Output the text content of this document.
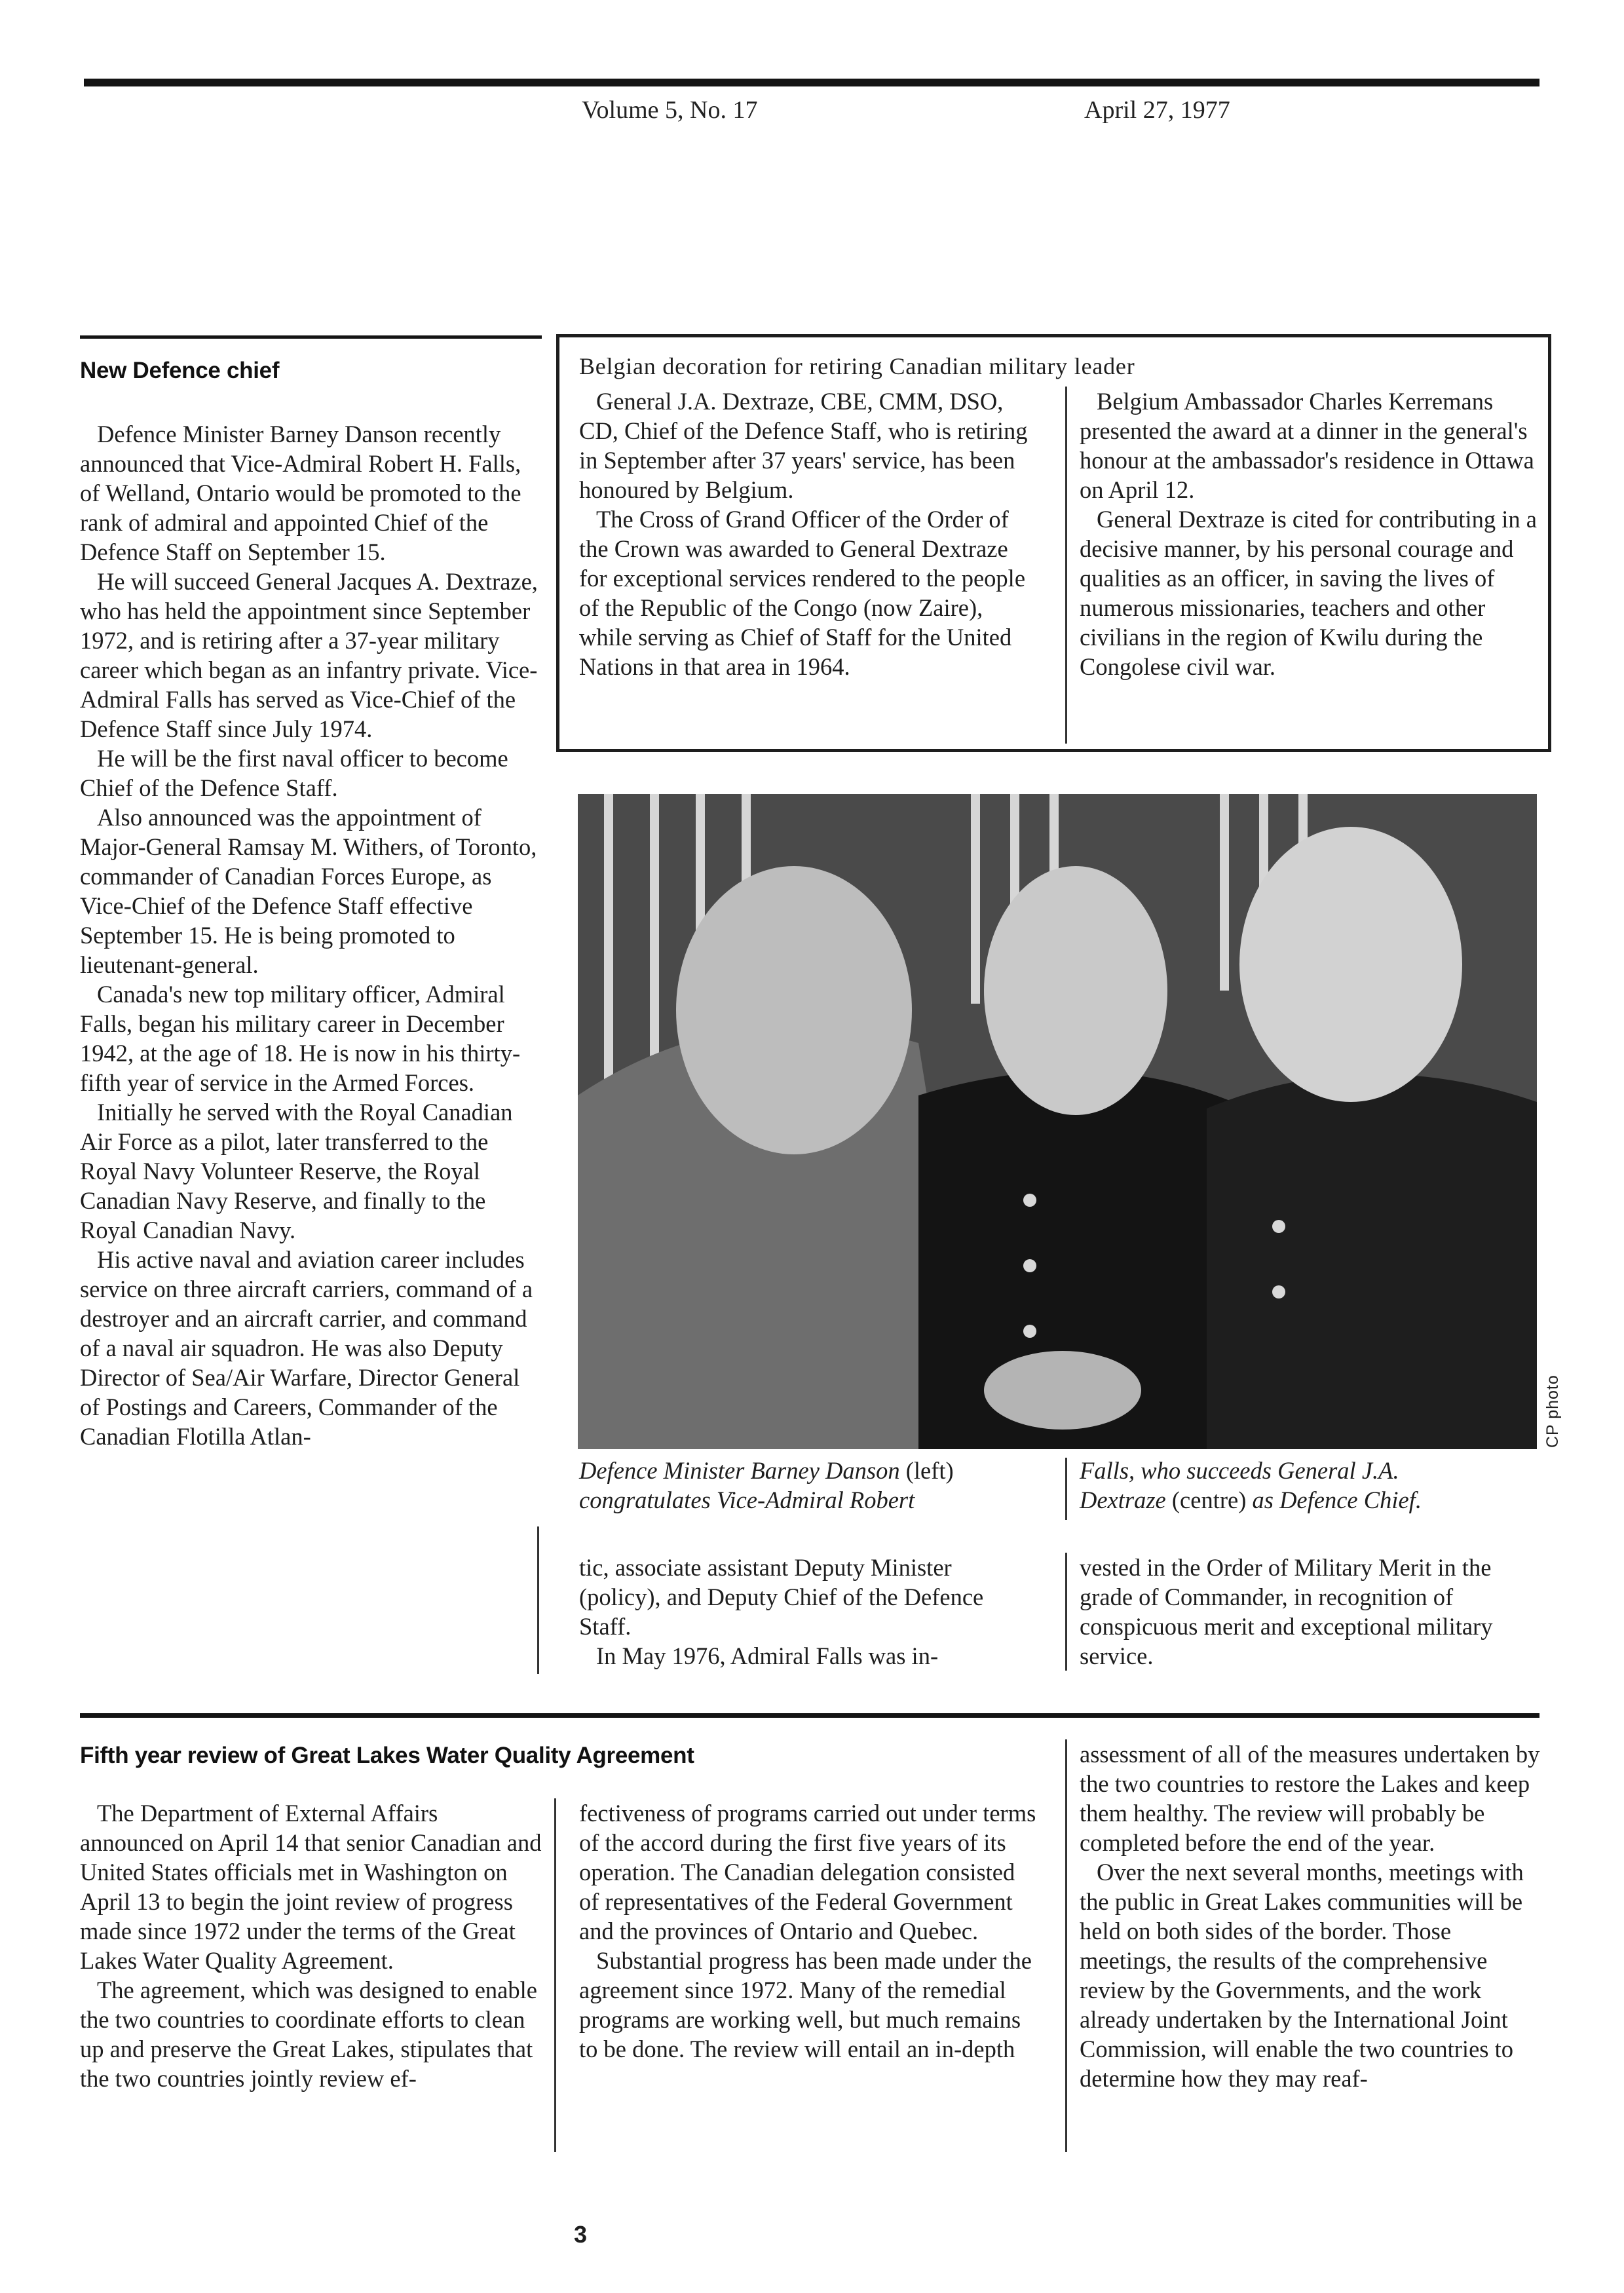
Volume 5, No. 17	April 27, 1977
New Defence chief

Defence Minister Barney Danson recently announced that Vice-Admiral Robert H. Falls, of Welland, Ontario would be promoted to the rank of admiral and appointed Chief of the Defence Staff on September 15.

He will succeed General Jacques A. Dextraze, who has held the appointment since September 1972, and is retiring after a 37-year military career which began as an infantry private. Vice-Admiral Falls has served as Vice-Chief of the Defence Staff since July 1974.

He will be the first naval officer to become Chief of the Defence Staff.

Also announced was the appointment of Major-General Ramsay M. Withers, of Toronto, commander of Canadian Forces Europe, as Vice-Chief of the Defence Staff effective September 15. He is being promoted to lieutenant-general.

Canada's new top military officer, Admiral Falls, began his military career in December 1942, at the age of 18. He is now in his thirty-fifth year of service in the Armed Forces.

Initially he served with the Royal Canadian Air Force as a pilot, later transferred to the Royal Navy Volunteer Reserve, the Royal Canadian Navy Reserve, and finally to the Royal Canadian Navy.

His active naval and aviation career includes service on three aircraft carriers, command of a destroyer and an aircraft carrier, and command of a naval air squadron. He was also Deputy Director of Sea/Air Warfare, Director General of Postings and Careers, Commander of the Canadian Flotilla Atlan-

Belgian decoration for retiring Canadian military leader

General J.A. Dextraze, CBE, CMM, DSO, CD, Chief of the Defence Staff, who is retiring in September after 37 years' service, has been honoured by Belgium.

The Cross of Grand Officer of the Order of the Crown was awarded to General Dextraze for exceptional services rendered to the people of the Republic of the Congo (now Zaire), while serving as Chief of Staff for the United Nations in that area in 1964.

Belgium Ambassador Charles Kerremans presented the award at a dinner in the general's honour at the ambassador's residence in Ottawa on April 12.

General Dextraze is cited for contributing in a decisive manner, by his personal courage and qualities as an officer, in saving the lives of numerous missionaries, teachers and other civilians in the region of Kwilu during the Congolese civil war.

CP photo
Defence Minister Barney Danson (left)
congratulates Vice-Admiral Robert
Falls, who succeeds General J.A.
Dextraze (centre) as Defence Chief.

tic, associate assistant Deputy Minister (policy), and Deputy Chief of the Defence Staff.

In May 1976, Admiral Falls was in-

vested in the Order of Military Merit in the grade of Commander, in recognition of conspicuous merit and exceptional military service.

Fifth year review of Great Lakes Water Quality Agreement

The Department of External Affairs announced on April 14 that senior Canadian and United States officials met in Washington on April 13 to begin the joint review of progress made since 1972 under the terms of the Great Lakes Water Quality Agreement.

The agreement, which was designed to enable the two countries to coordinate efforts to clean up and preserve the Great Lakes, stipulates that the two countries jointly review ef-

fectiveness of programs carried out under terms of the accord during the first five years of its operation. The Canadian delegation consisted of representatives of the Federal Government and the provinces of Ontario and Quebec.

Substantial progress has been made under the agreement since 1972. Many of the remedial programs are working well, but much remains to be done. The review will entail an in-depth

assessment of all of the measures undertaken by the two countries to restore the Lakes and keep them healthy. The review will probably be completed before the end of the year.

Over the next several months, meetings with the public in Great Lakes communities will be held on both sides of the border. Those meetings, the results of the comprehensive review by the Governments, and the work already undertaken by the International Joint Commission, will enable the two countries to determine how they may reaf-

3
